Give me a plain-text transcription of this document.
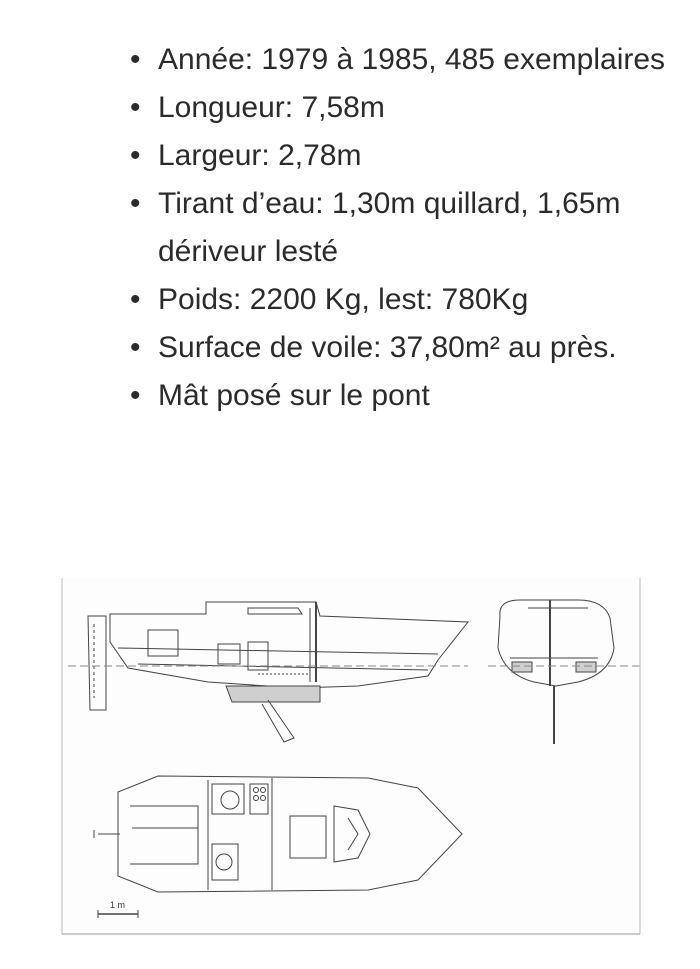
• Année: 1979 à 1985, 485 exemplaires
• Longueur: 7,58m
• Largeur: 2,78m
• Tirant d’eau: 1,30m quillard, 1,65m dériveur lesté
• Poids: 2200 Kg, lest: 780Kg
• Surface de voile: 37,80m² au près.
• Mât posé sur le pont
1 m
